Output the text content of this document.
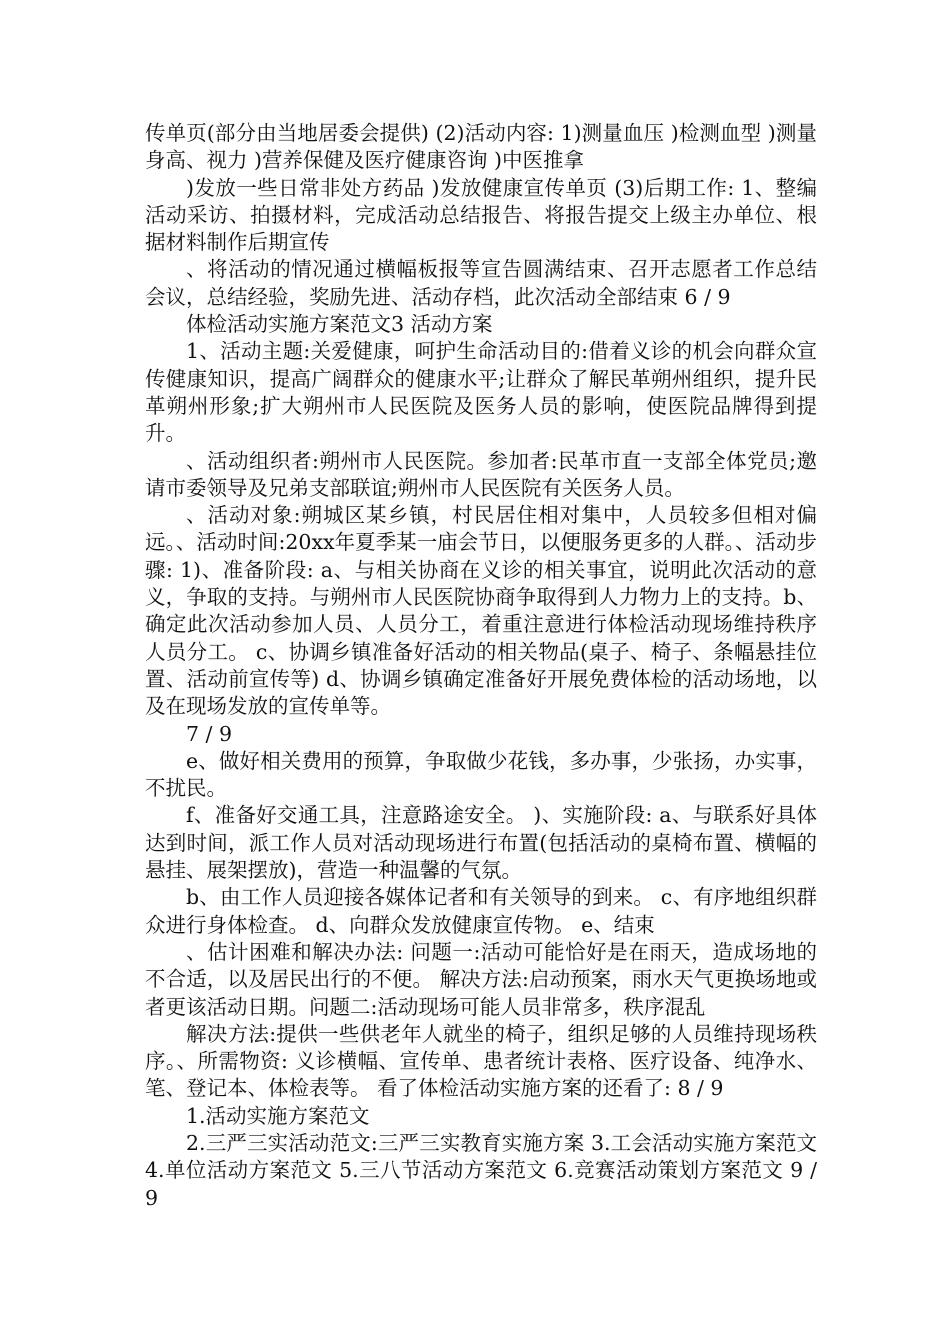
传单页(部分由当地居委会提供) (2)活动内容: 1)测量血压 )检测血型 )测量身高、视力 )营养保健及医疗健康咨询 )中医推拿

)发放一些日常非处方药品 )发放健康宣传单页 (3)后期工作: 1、整编活动采访、拍摄材料，完成活动总结报告、将报告提交上级主办单位、根据材料制作后期宣传

、将活动的情况通过横幅板报等宣告圆满结束、召开志愿者工作总结会议，总结经验，奖励先进、活动存档，此次活动全部结束 6 / 9

体检活动实施方案范文3 活动方案

1、活动主题:关爱健康，呵护生命活动目的:借着义诊的机会向群众宣传健康知识，提高广阔群众的健康水平;让群众了解民革朔州组织，提升民革朔州形象;扩大朔州市人民医院及医务人员的影响，使医院品牌得到提升。

、活动组织者:朔州市人民医院。参加者:民革市直一支部全体党员;邀请市委领导及兄弟支部联谊;朔州市人民医院有关医务人员。

、活动对象:朔城区某乡镇，村民居住相对集中，人员较多但相对偏远。、活动时间:20xx年夏季某一庙会节日，以便服务更多的人群。、活动步骤: 1)、准备阶段: a、与相关协商在义诊的相关事宜，说明此次活动的意义，争取的支持。与朔州市人民医院协商争取得到人力物力上的支持。b、确定此次活动参加人员、人员分工，着重注意进行体检活动现场维持秩序人员分工。 c、协调乡镇准备好活动的相关物品(桌子、椅子、条幅悬挂位置、活动前宣传等) d、协调乡镇确定准备好开展免费体检的活动场地，以及在现场发放的宣传单等。

7 / 9

e、做好相关费用的预算，争取做少花钱，多办事，少张扬，办实事，不扰民。

f、准备好交通工具，注意路途安全。 )、实施阶段: a、与联系好具体达到时间，派工作人员对活动现场进行布置(包括活动的桌椅布置、横幅的悬挂、展架摆放)，营造一种温馨的气氛。

b、由工作人员迎接各媒体记者和有关领导的到来。 c、有序地组织群众进行身体检查。 d、向群众发放健康宣传物。 e、结束

、估计困难和解决办法: 问题一:活动可能恰好是在雨天，造成场地的不合适，以及居民出行的不便。 解决方法:启动预案，雨水天气更换场地或者更该活动日期。问题二:活动现场可能人员非常多，秩序混乱

解决方法:提供一些供老年人就坐的椅子，组织足够的人员维持现场秩序。、所需物资: 义诊横幅、宣传单、患者统计表格、医疗设备、纯净水、笔、登记本、体检表等。 看了体检活动实施方案的还看了: 8 / 9

1.活动实施方案范文

2.三严三实活动范文:三严三实教育实施方案 3.工会活动实施方案范文 4.单位活动方案范文 5.三八节活动方案范文 6.竞赛活动策划方案范文 9 / 9
